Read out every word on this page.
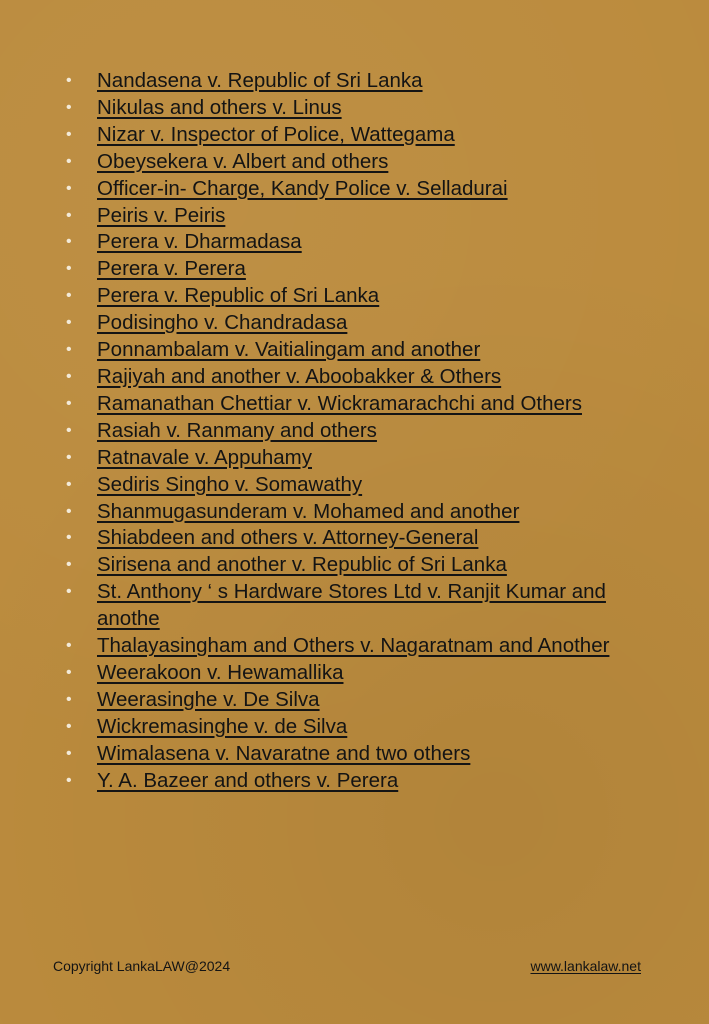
• Nandasena v. Republic of Sri Lanka
• Nikulas and others v. Linus
• Nizar v. Inspector of Police, Wattegama
• Obeysekera v. Albert and others
• Officer-in- Charge, Kandy Police v. Selladurai
• Peiris v. Peiris
• Perera v. Dharmadasa
• Perera v. Perera
• Perera v. Republic of Sri Lanka
• Podisingho v. Chandradasa
• Ponnambalam v. Vaitialingam and another
• Rajiyah and another v. Aboobakker & Others
• Ramanathan Chettiar v. Wickramarachchi and Others
• Rasiah v. Ranmany and others
• Ratnavale v. Appuhamy
• Sediris Singho v. Somawathy
• Shanmugasunderam v. Mohamed and another
• Shiabdeen and others v. Attorney-General
• Sirisena and another v. Republic of Sri Lanka
• St. Anthony ‘ s Hardware Stores Ltd v. Ranjit Kumar and anothe
• Thalayasingham and Others v. Nagaratnam and Another
• Weerakoon v. Hewamallika
• Weerasinghe v. De Silva
• Wickremasinghe v. de Silva
• Wimalasena v. Navaratne and two others
• Y. A. Bazeer and others v. Perera
Copyright LankaLAW@2024	www.lankalaw.net
